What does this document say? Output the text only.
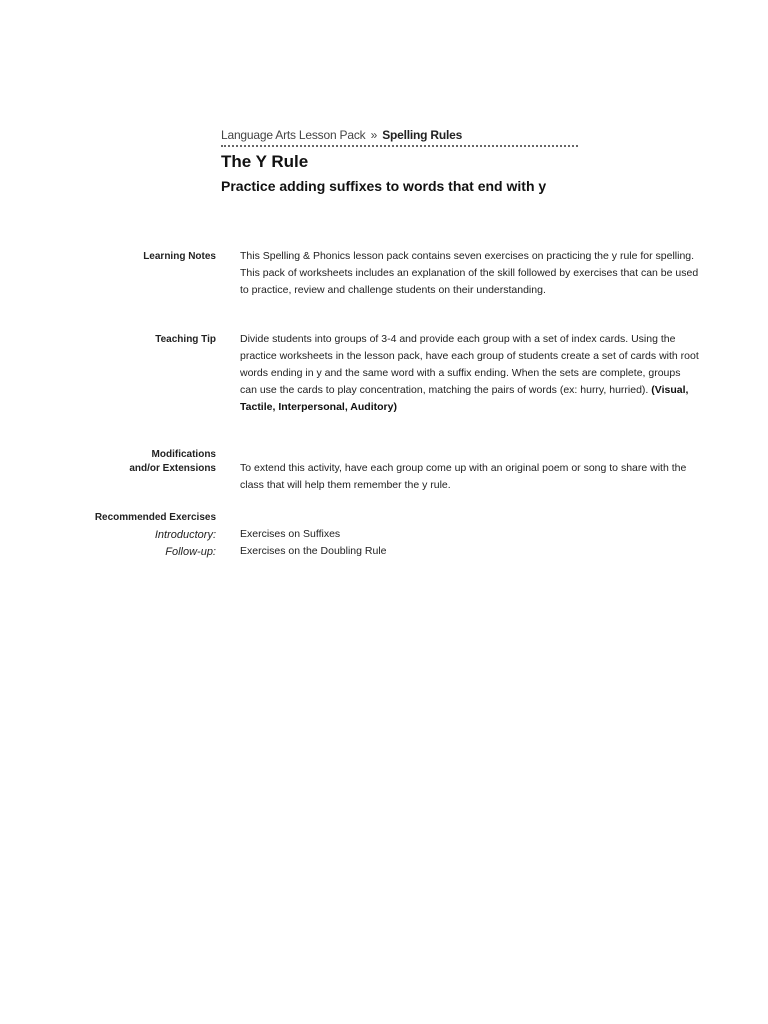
Language Arts Lesson Pack » Spelling Rules
The Y Rule
Practice adding suffixes to words that end with y
Learning Notes This Spelling & Phonics lesson pack contains seven exercises on practicing the y rule for spelling. This pack of worksheets includes an explanation of the skill followed by exercises that can be used to practice, review and challenge students on their understanding.
Teaching Tip Divide students into groups of 3-4 and provide each group with a set of index cards. Using the practice worksheets in the lesson pack, have each group of students create a set of cards with root words ending in y and the same word with a suffix ending. When the sets are complete, groups can use the cards to play concentration, matching the pairs of words (ex: hurry, hurried). (Visual, Tactile, Interpersonal, Auditory)
Modifications
and/or Extensions To extend this activity, have each group come up with an original poem or song to share with the class that will help them remember the y rule.
Recommended Exercises
Introductory: Exercises on Suffixes
Follow-up: Exercises on the Doubling Rule
